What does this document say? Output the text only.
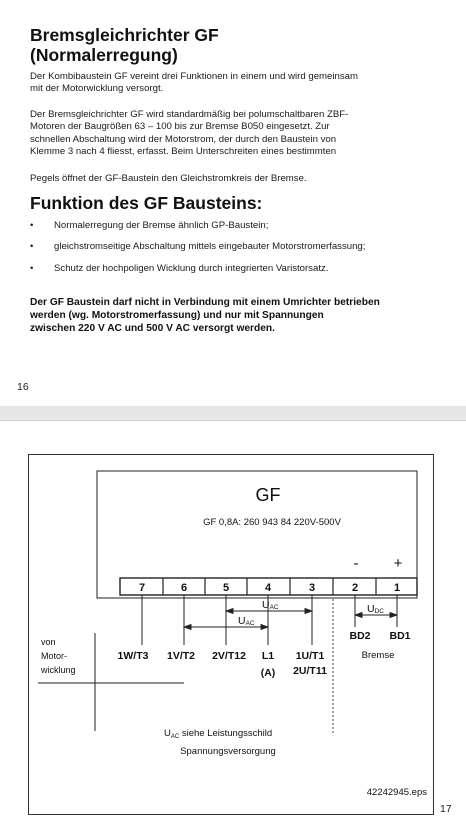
Bremsgleichrichter GF
(Normalerregung)
Der Kombibaustein GF vereint drei Funktionen in einem und wird gemeinsam
mit der Motorwicklung versorgt.
Der Bremsgleichrichter GF wird standardmäßig bei polumschaltbaren ZBF-
Motoren der Baugrößen 63 – 100 bis zur Bremse B050 eingesetzt. Zur
schnellen Abschaltung wird der Motorstrom, der durch den Baustein von
Klemme 3 nach 4 fliesst, erfasst. Beim Unterschreiten eines bestimmten
Pegels öffnet der GF-Baustein den Gleichstromkreis der Bremse.
Funktion des GF Bausteins:
• Normalerregung der Bremse ähnlich GP-Baustein;
• gleichstromseitige Abschaltung mittels eingebauter Motorstromerfassung;
• Schutz der hochpoligen Wicklung durch integrierten Varistorsatz.
Der GF Baustein darf nicht in Verbindung mit einem Umrichter betrieben
werden (wg. Motorstromerfassung) und nur mit Spannungen
zwischen 220 V AC und 500 V AC versorgt werden.
16
GF
GF 0,8A: 260 943 84 220V-500V
- +
7	6	5	4	3	2	1
UAC
UAC
UDC
1W/T3 1V/T2 2V/T12 L1
(A)
1U/T1
2U/T11
BD2 BD1
Bremse
von
Motor-
wicklung
$U_{AC}$ siehe Leistungsschild
Spannungsversorgung
42242945.eps
17
